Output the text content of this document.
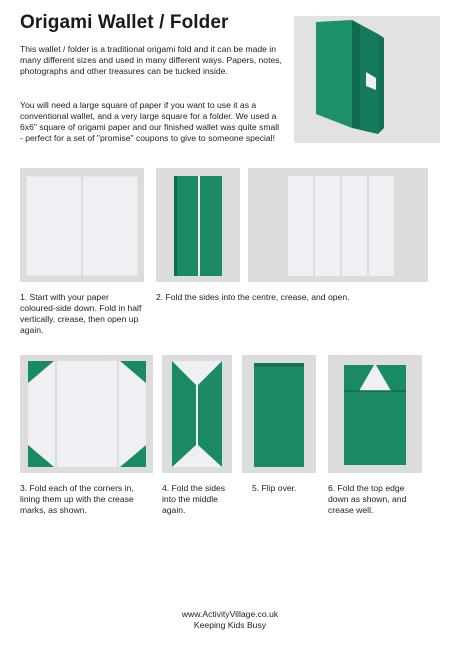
Origami Wallet / Folder

This wallet / folder is a traditional origami fold and it can be made in many different sizes and used in many different ways. Papers, notes, photographs and other treasures can be tucked inside.

You will need a large square of paper if you want to use it as a conventional wallet, and a very large square for a folder. We used a 6x6" square of origami paper and our finished wallet was quite small - perfect for a set of "promise" coupons to give to someone special!

1. Start with your paper coloured-side down. Fold in half vertically, crease, then open up again.
2. Fold the sides into the centre, crease, and open.
3. Fold each of the corners in, lining them up with the crease marks, as shown.
4. Fold the sides into the middle again.
5. Flip over.	6. Fold the top edge down as shown, and crease well.
www.ActivityVillage.co.uk
Keeping Kids Busy
